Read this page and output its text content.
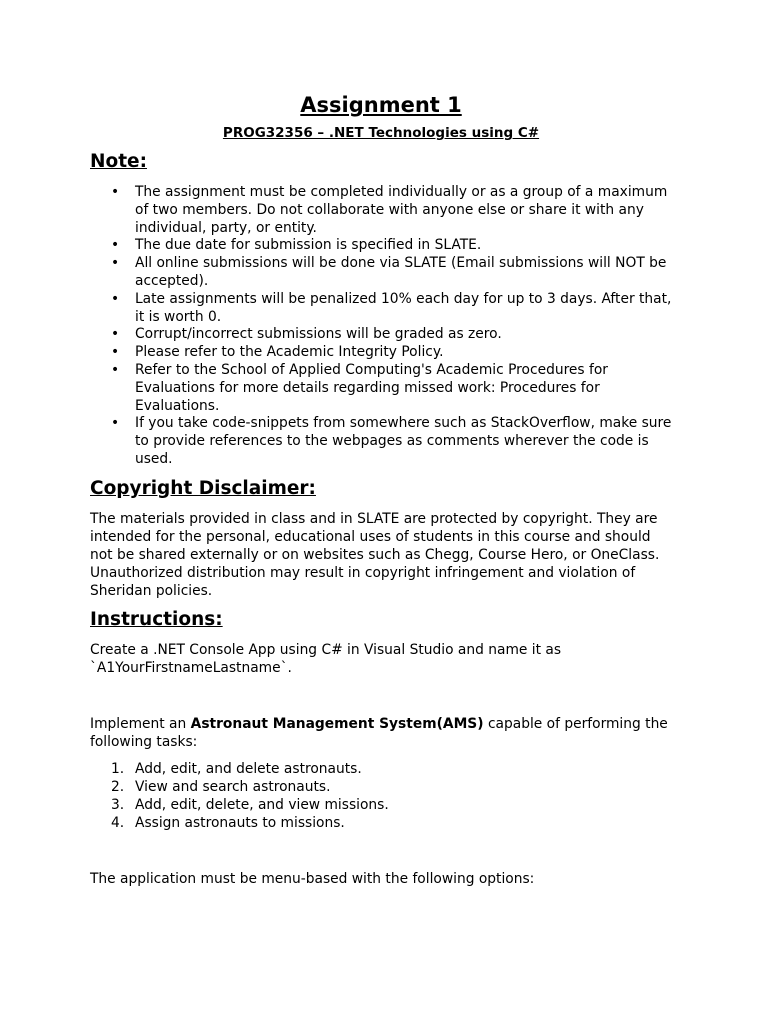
Assignment 1
PROG32356 – .NET Technologies using C#
Note:
• The assignment must be completed individually or as a group of a maximum of two members. Do not collaborate with anyone else or share it with any individual, party, or entity.
• The due date for submission is specified in SLATE.
• All online submissions will be done via SLATE (Email submissions will NOT be accepted).
• Late assignments will be penalized 10% each day for up to 3 days. After that, it is worth 0.
• Corrupt/incorrect submissions will be graded as zero.
• Please refer to the Academic Integrity Policy.
• Refer to the School of Applied Computing's Academic Procedures for Evaluations for more details regarding missed work: Procedures for Evaluations.
• If you take code-snippets from somewhere such as StackOverflow, make sure to provide references to the webpages as comments wherever the code is used.
Copyright Disclaimer:

The materials provided in class and in SLATE are protected by copyright. They are intended for the personal, educational uses of students in this course and should not be shared externally or on websites such as Chegg, Course Hero, or OneClass. Unauthorized distribution may result in copyright infringement and violation of Sheridan policies.

Instructions:

Create a .NET Console App using C# in Visual Studio and name it as `A1YourFirstnameLastname`.

Implement an Astronaut Management System(AMS) capable of performing the following tasks:

1. Add, edit, and delete astronauts.
2. View and search astronauts.
3. Add, edit, delete, and view missions.
4. Assign astronauts to missions.

The application must be menu-based with the following options:
